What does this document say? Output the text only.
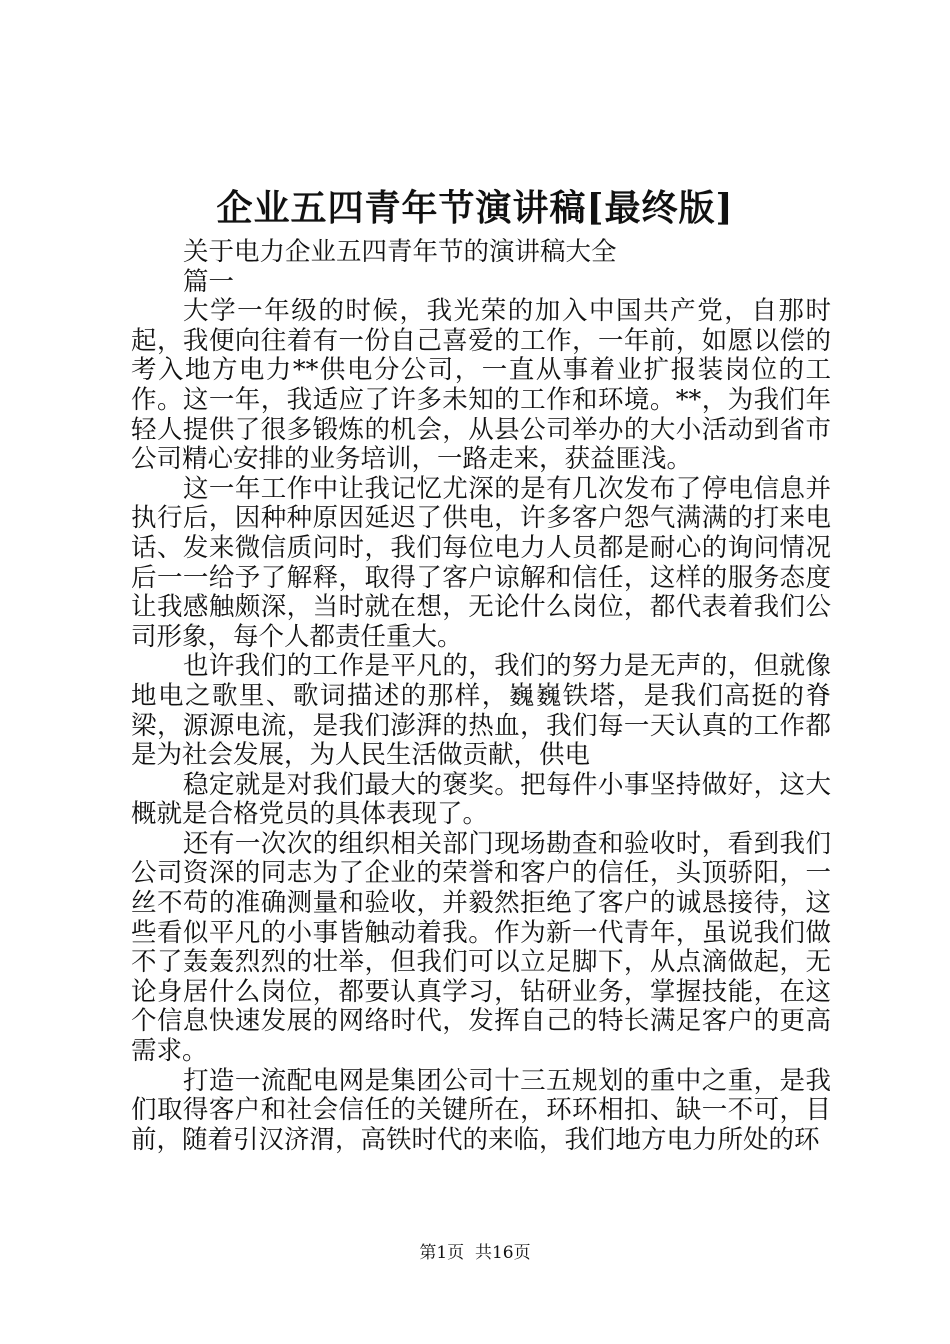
企业五四青年节演讲稿[最终版]

关于电力企业五四青年节的演讲稿大全

篇一

大学一年级的时候，我光荣的加入中国共产党，自那时起，我便向往着有一份自己喜爱的工作，一年前，如愿以偿的考入地方电力**供电分公司，一直从事着业扩报装岗位的工作。这一年，我适应了许多未知的工作和环境。**，为我们年轻人提供了很多锻炼的机会，从县公司举办的大小活动到省市公司精心安排的业务培训，一路走来，获益匪浅。

这一年工作中让我记忆尤深的是有几次发布了停电信息并执行后，因种种原因延迟了供电，许多客户怨气满满的打来电话、发来微信质问时，我们每位电力人员都是耐心的询问情况后一一给予了解释，取得了客户谅解和信任，这样的服务态度让我感触颇深，当时就在想，无论什么岗位，都代表着我们公司形象，每个人都责任重大。

也许我们的工作是平凡的，我们的努力是无声的，但就像地电之歌里、歌词描述的那样，巍巍铁塔，是我们高挺的脊梁，源源电流，是我们澎湃的热血，我们每一天认真的工作都是为社会发展，为人民生活做贡献，供电

稳定就是对我们最大的褒奖。把每件小事坚持做好，这大概就是合格党员的具体表现了。

还有一次次的组织相关部门现场勘查和验收时，看到我们公司资深的同志为了企业的荣誉和客户的信任，头顶骄阳，一丝不苟的准确测量和验收，并毅然拒绝了客户的诚恳接待，这些看似平凡的小事皆触动着我。作为新一代青年，虽说我们做不了轰轰烈烈的壮举，但我们可以立足脚下，从点滴做起，无论身居什么岗位，都要认真学习，钻研业务，掌握技能，在这个信息快速发展的网络时代，发挥自己的特长满足客户的更高需求。

打造一流配电网是集团公司十三五规划的重中之重，是我们取得客户和社会信任的关键所在，环环相扣、缺一不可，目前，随着引汉济渭，高铁时代的来临，我们地方电力所处的环

第1页  共16页
